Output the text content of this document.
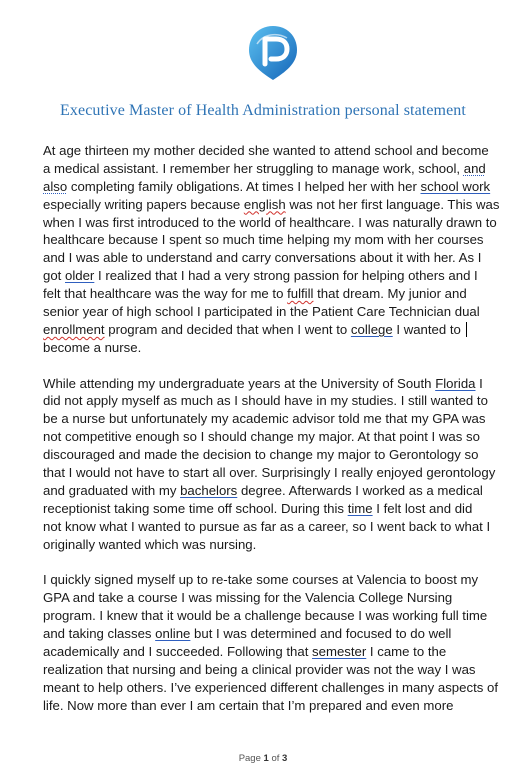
Executive Master of Health Administration personal statement
At age thirteen my mother decided she wanted to attend school and become
a medical assistant. I remember her struggling to manage work, school, and
also completing family obligations. At times I helped her with her school work
especially writing papers because english was not her first language. This was
when I was first introduced to the world of healthcare. I was naturally drawn to
healthcare because I spent so much time helping my mom with her courses
and I was able to understand and carry conversations about it with her. As I
got older I realized that I had a very strong passion for helping others and I
felt that healthcare was the way for me to fulfill that dream. My junior and
senior year of high school I participated in the Patient Care Technician dual
enrollment program and decided that when I went to college I wanted to
become a nurse.
While attending my undergraduate years at the University of South Florida I
did not apply myself as much as I should have in my studies. I still wanted to
be a nurse but unfortunately my academic advisor told me that my GPA was
not competitive enough so I should change my major. At that point I was so
discouraged and made the decision to change my major to Gerontology so
that I would not have to start all over. Surprisingly I really enjoyed gerontology
and graduated with my bachelors degree. Afterwards I worked as a medical
receptionist taking some time off school. During this time I felt lost and did
not know what I wanted to pursue as far as a career, so I went back to what I
originally wanted which was nursing.
I quickly signed myself up to re-take some courses at Valencia to boost my
GPA and take a course I was missing for the Valencia College Nursing
program. I knew that it would be a challenge because I was working full time
and taking classes online but I was determined and focused to do well
academically and I succeeded. Following that semester I came to the
realization that nursing and being a clinical provider was not the way I was
meant to help others. I’ve experienced different challenges in many aspects of
life. Now more than ever I am certain that I’m prepared and even more
Page 1 of 3
